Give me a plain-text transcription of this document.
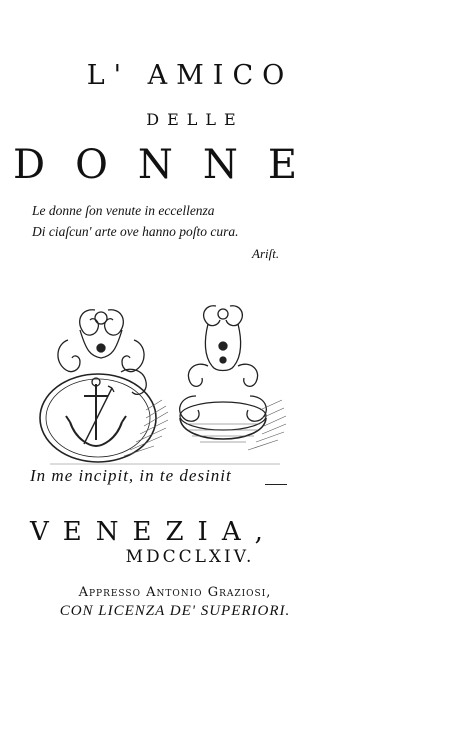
L' AMICO
DELLE
DONNE
Le donne ſon venute in eccellenza
Di ciaſcun' arte ove hanno poſto cura.
Ariſt.
In me incipit, in te desinit
VENEZIA,
MDCCLXIV.
Appresso Antonio Graziosi,
CON LICENZA DE' SUPERIORI.
